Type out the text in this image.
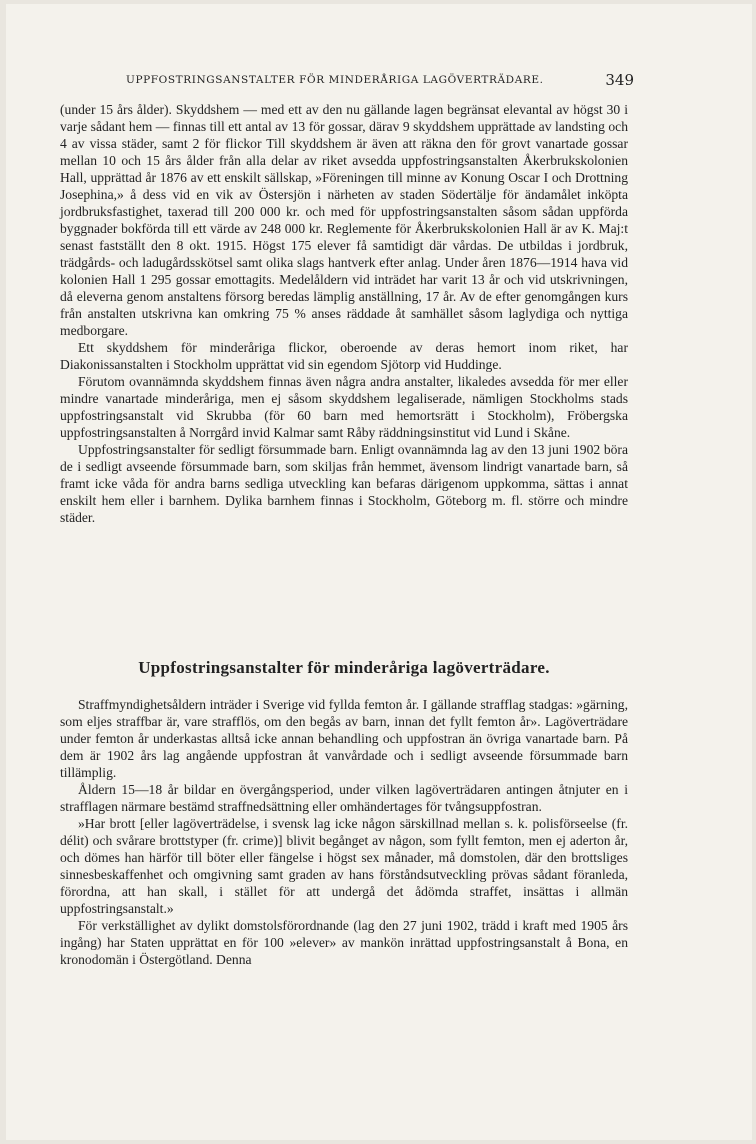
UPPFOSTRINGSANSTALTER FÖR MINDERÅRIGA LAGÖVERTRÄDARE.	349

(under 15 års ålder). Skyddshem — med ett av den nu gällande lagen begränsat elevantal av högst 30 i varje sådant hem — finnas till ett antal av 13 för gossar, därav 9 skyddshem upprättade av landsting och 4 av vissa städer, samt 2 för flickor Till skyddshem är även att räkna den för grovt vanartade gossar mellan 10 och 15 års ålder från alla delar av riket avsedda uppfostringsanstalten Åkerbrukskolonien Hall, upprättad år 1876 av ett enskilt sällskap, »Föreningen till minne av Konung Oscar I och Drottning Josephina,» å dess vid en vik av Östersjön i närheten av staden Södertälje för ändamålet inköpta jordbruksfastighet, taxerad till 200 000 kr. och med för uppfostringsanstalten såsom sådan uppförda byggnader bokförda till ett värde av 248 000 kr. Reglemente för Åkerbrukskolonien Hall är av K. Maj:t senast fastställt den 8 okt. 1915. Högst 175 elever få samtidigt där vårdas. De utbildas i jordbruk, trädgårds- och ladugårdsskötsel samt olika slags hantverk efter anlag. Under åren 1876—1914 hava vid kolonien Hall 1 295 gossar emottagits. Medelåldern vid inträdet har varit 13 år och vid utskrivningen, då eleverna genom anstaltens försorg beredas lämplig anställning, 17 år. Av de efter genomgången kurs från anstalten utskrivna kan omkring 75 % anses räddade åt samhället såsom laglydiga och nyttiga medborgare.

Ett skyddshem för minderåriga flickor, oberoende av deras hemort inom riket, har Diakonissanstalten i Stockholm upprättat vid sin egendom Sjötorp vid Huddinge.

Förutom ovannämnda skyddshem finnas även några andra anstalter, likaledes avsedda för mer eller mindre vanartade minderåriga, men ej såsom skyddshem legaliserade, nämligen Stockholms stads uppfostringsanstalt vid Skrubba (för 60 barn med hemortsrätt i Stockholm), Fröbergska uppfostringsanstalten å Norrgård invid Kalmar samt Råby räddningsinstitut vid Lund i Skåne.

Uppfostringsanstalter för sedligt försummade barn. Enligt ovannämnda lag av den 13 juni 1902 böra de i sedligt avseende försummade barn, som skiljas från hemmet, ävensom lindrigt vanartade barn, så framt icke våda för andra barns sedliga utveckling kan befaras därigenom uppkomma, sättas i annat enskilt hem eller i barnhem. Dylika barnhem finnas i Stockholm, Göteborg m. fl. större och mindre städer.

Uppfostringsanstalter för minderåriga lagöverträdare.

Straffmyndighetsåldern inträder i Sverige vid fyllda femton år. I gällande strafflag stadgas: »gärning, som eljes straffbar är, vare strafflös, om den begås av barn, innan det fyllt femton år». Lagöverträdare under femton år underkastas alltså icke annan behandling och uppfostran än övriga vanartade barn. På dem är 1902 års lag angående uppfostran åt vanvårdade och i sedligt avseende försummade barn tillämplig.

Åldern 15—18 år bildar en övergångsperiod, under vilken lagöverträdaren antingen åtnjuter en i strafflagen närmare bestämd straffnedsättning eller omhändertages för tvångsuppfostran.

»Har brott [eller lagöverträdelse, i svensk lag icke någon särskillnad mellan s. k. polisförseelse (fr. délit) och svårare brottstyper (fr. crime)] blivit begånget av någon, som fyllt femton, men ej aderton år, och dömes han härför till böter eller fängelse i högst sex månader, må domstolen, där den brottsliges sinnesbeskaffenhet och omgivning samt graden av hans förståndsutveckling prövas sådant föranleda, förordna, att han skall, i stället för att undergå det ådömda straffet, insättas i allmän uppfostringsanstalt.»

För verkställighet av dylikt domstolsförordnande (lag den 27 juni 1902, trädd i kraft med 1905 års ingång) har Staten upprättat en för 100 »elever» av mankön inrättad uppfostringsanstalt å Bona, en kronodomän i Östergötland. Denna
